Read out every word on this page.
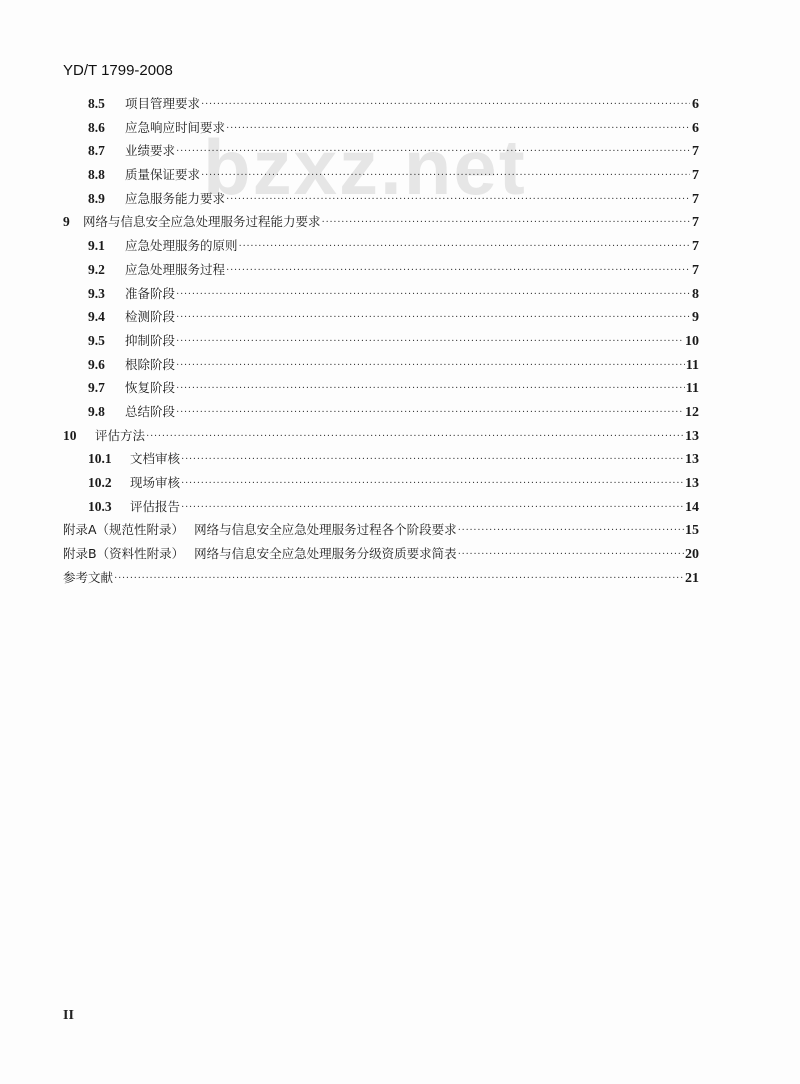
YD/T 1799-2008
bzxz.net
8.5	项目管理要求 ·····	6
8.6	应急响应时间要求 ·····	6
8.7	业绩要求 ·····	7
8.8	质量保证要求 ·····	7
8.9	应急服务能力要求 ·····	7
9	网络与信息安全应急处理服务过程能力要求 ·····	7
9.1	应急处理服务的原则 ·····	7
9.2	应急处理服务过程 ·····	7
9.3	准备阶段 ·····	8
9.4	检测阶段 ·····	9
9.5	抑制阶段 ·····	10
9.6	根除阶段 ·····	11
9.7	恢复阶段 ·····	11
9.8	总结阶段 ·····	12
10	评估方法 ·····	13
10.1	文档审核 ·····	13
10.2	现场审核 ·····	13
10.3	评估报告 ·····	14
附录A（规范性附录） 网络与信息安全应急处理服务过程各个阶段要求 ·····	15
附录B（资料性附录） 网络与信息安全应急处理服务分级资质要求简表 ·····	20
参考文献 ·····	21
II
